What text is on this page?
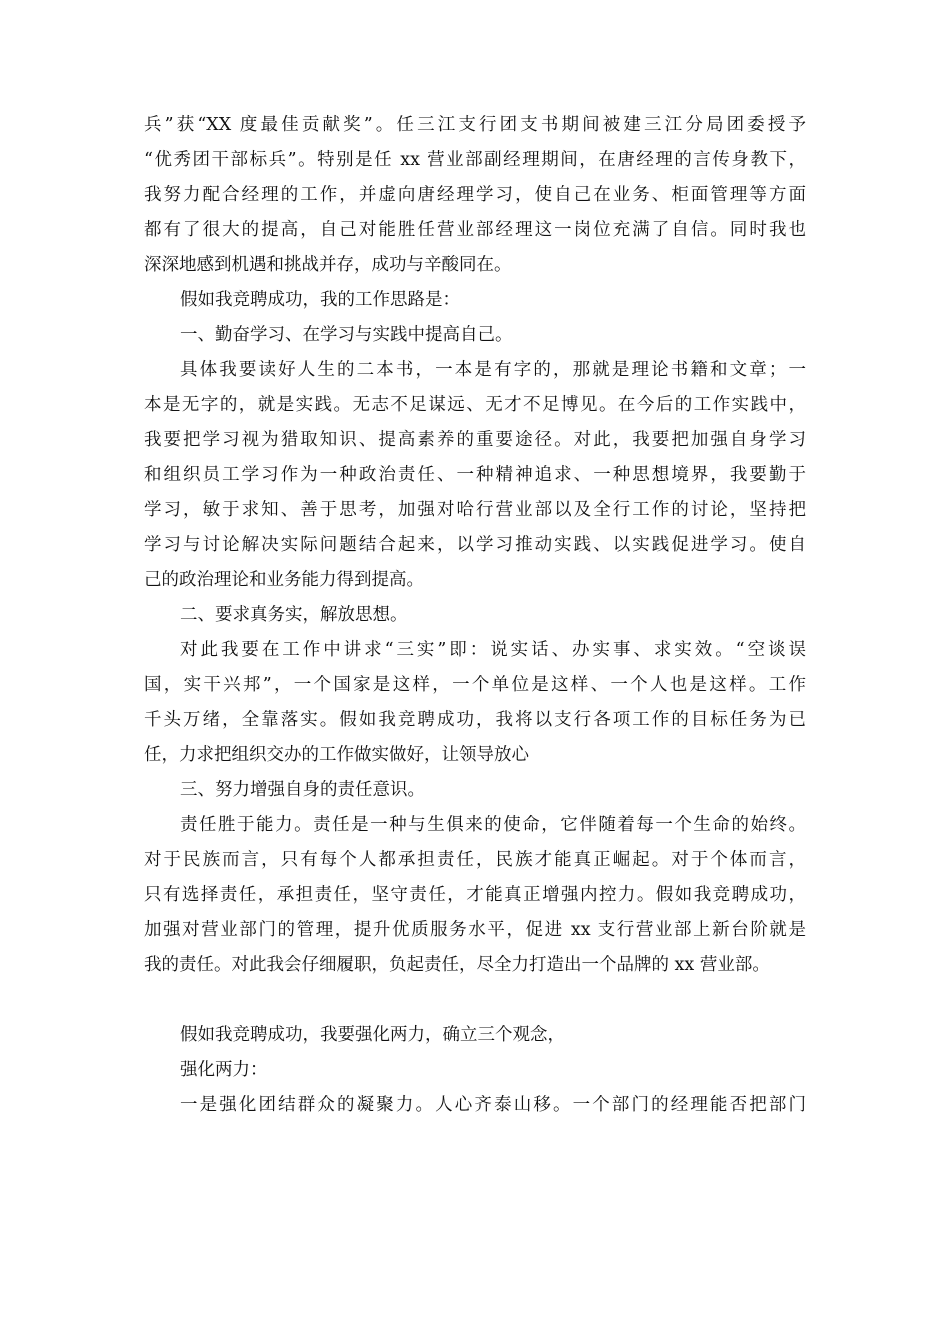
兵”获“XX 度最佳贡献奖”。任三江支行团支书期间被建三江分局团委授予
“优秀团干部标兵”。特别是任 xx 营业部副经理期间，在唐经理的言传身教下，
我努力配合经理的工作，并虚向唐经理学习，使自己在业务、柜面管理等方面
都有了很大的提高，自己对能胜任营业部经理这一岗位充满了自信。同时我也
深深地感到机遇和挑战并存，成功与辛酸同在。
假如我竞聘成功，我的工作思路是：
一、勤奋学习、在学习与实践中提高自己。
具体我要读好人生的二本书，一本是有字的，那就是理论书籍和文章；一
本是无字的，就是实践。无志不足谋远、无才不足博见。在今后的工作实践中，
我要把学习视为猎取知识、提高素养的重要途径。对此，我要把加强自身学习
和组织员工学习作为一种政治责任、一种精神追求、一种思想境界，我要勤于
学习，敏于求知、善于思考，加强对哈行营业部以及全行工作的讨论，坚持把
学习与讨论解决实际问题结合起来，以学习推动实践、以实践促进学习。使自
己的政治理论和业务能力得到提高。
二、要求真务实，解放思想。
对此我要在工作中讲求“三实”即：说实话、办实事、求实效。“空谈误
国，实干兴邦”，一个国家是这样，一个单位是这样、一个人也是这样。工作
千头万绪，全靠落实。假如我竞聘成功，我将以支行各项工作的目标任务为已
任，力求把组织交办的工作做实做好，让领导放心
三、努力增强自身的责任意识。
责任胜于能力。责任是一种与生俱来的使命，它伴随着每一个生命的始终。
对于民族而言，只有每个人都承担责任，民族才能真正崛起。对于个体而言，
只有选择责任，承担责任，坚守责任，才能真正增强内控力。假如我竞聘成功，
加强对营业部门的管理，提升优质服务水平，促进 xx 支行营业部上新台阶就是
我的责任。对此我会仔细履职，负起责任，尽全力打造出一个品牌的 xx 营业部。
假如我竞聘成功，我要强化两力，确立三个观念，
强化两力：
一是强化团结群众的凝聚力。人心齐泰山移。一个部门的经理能否把部门
